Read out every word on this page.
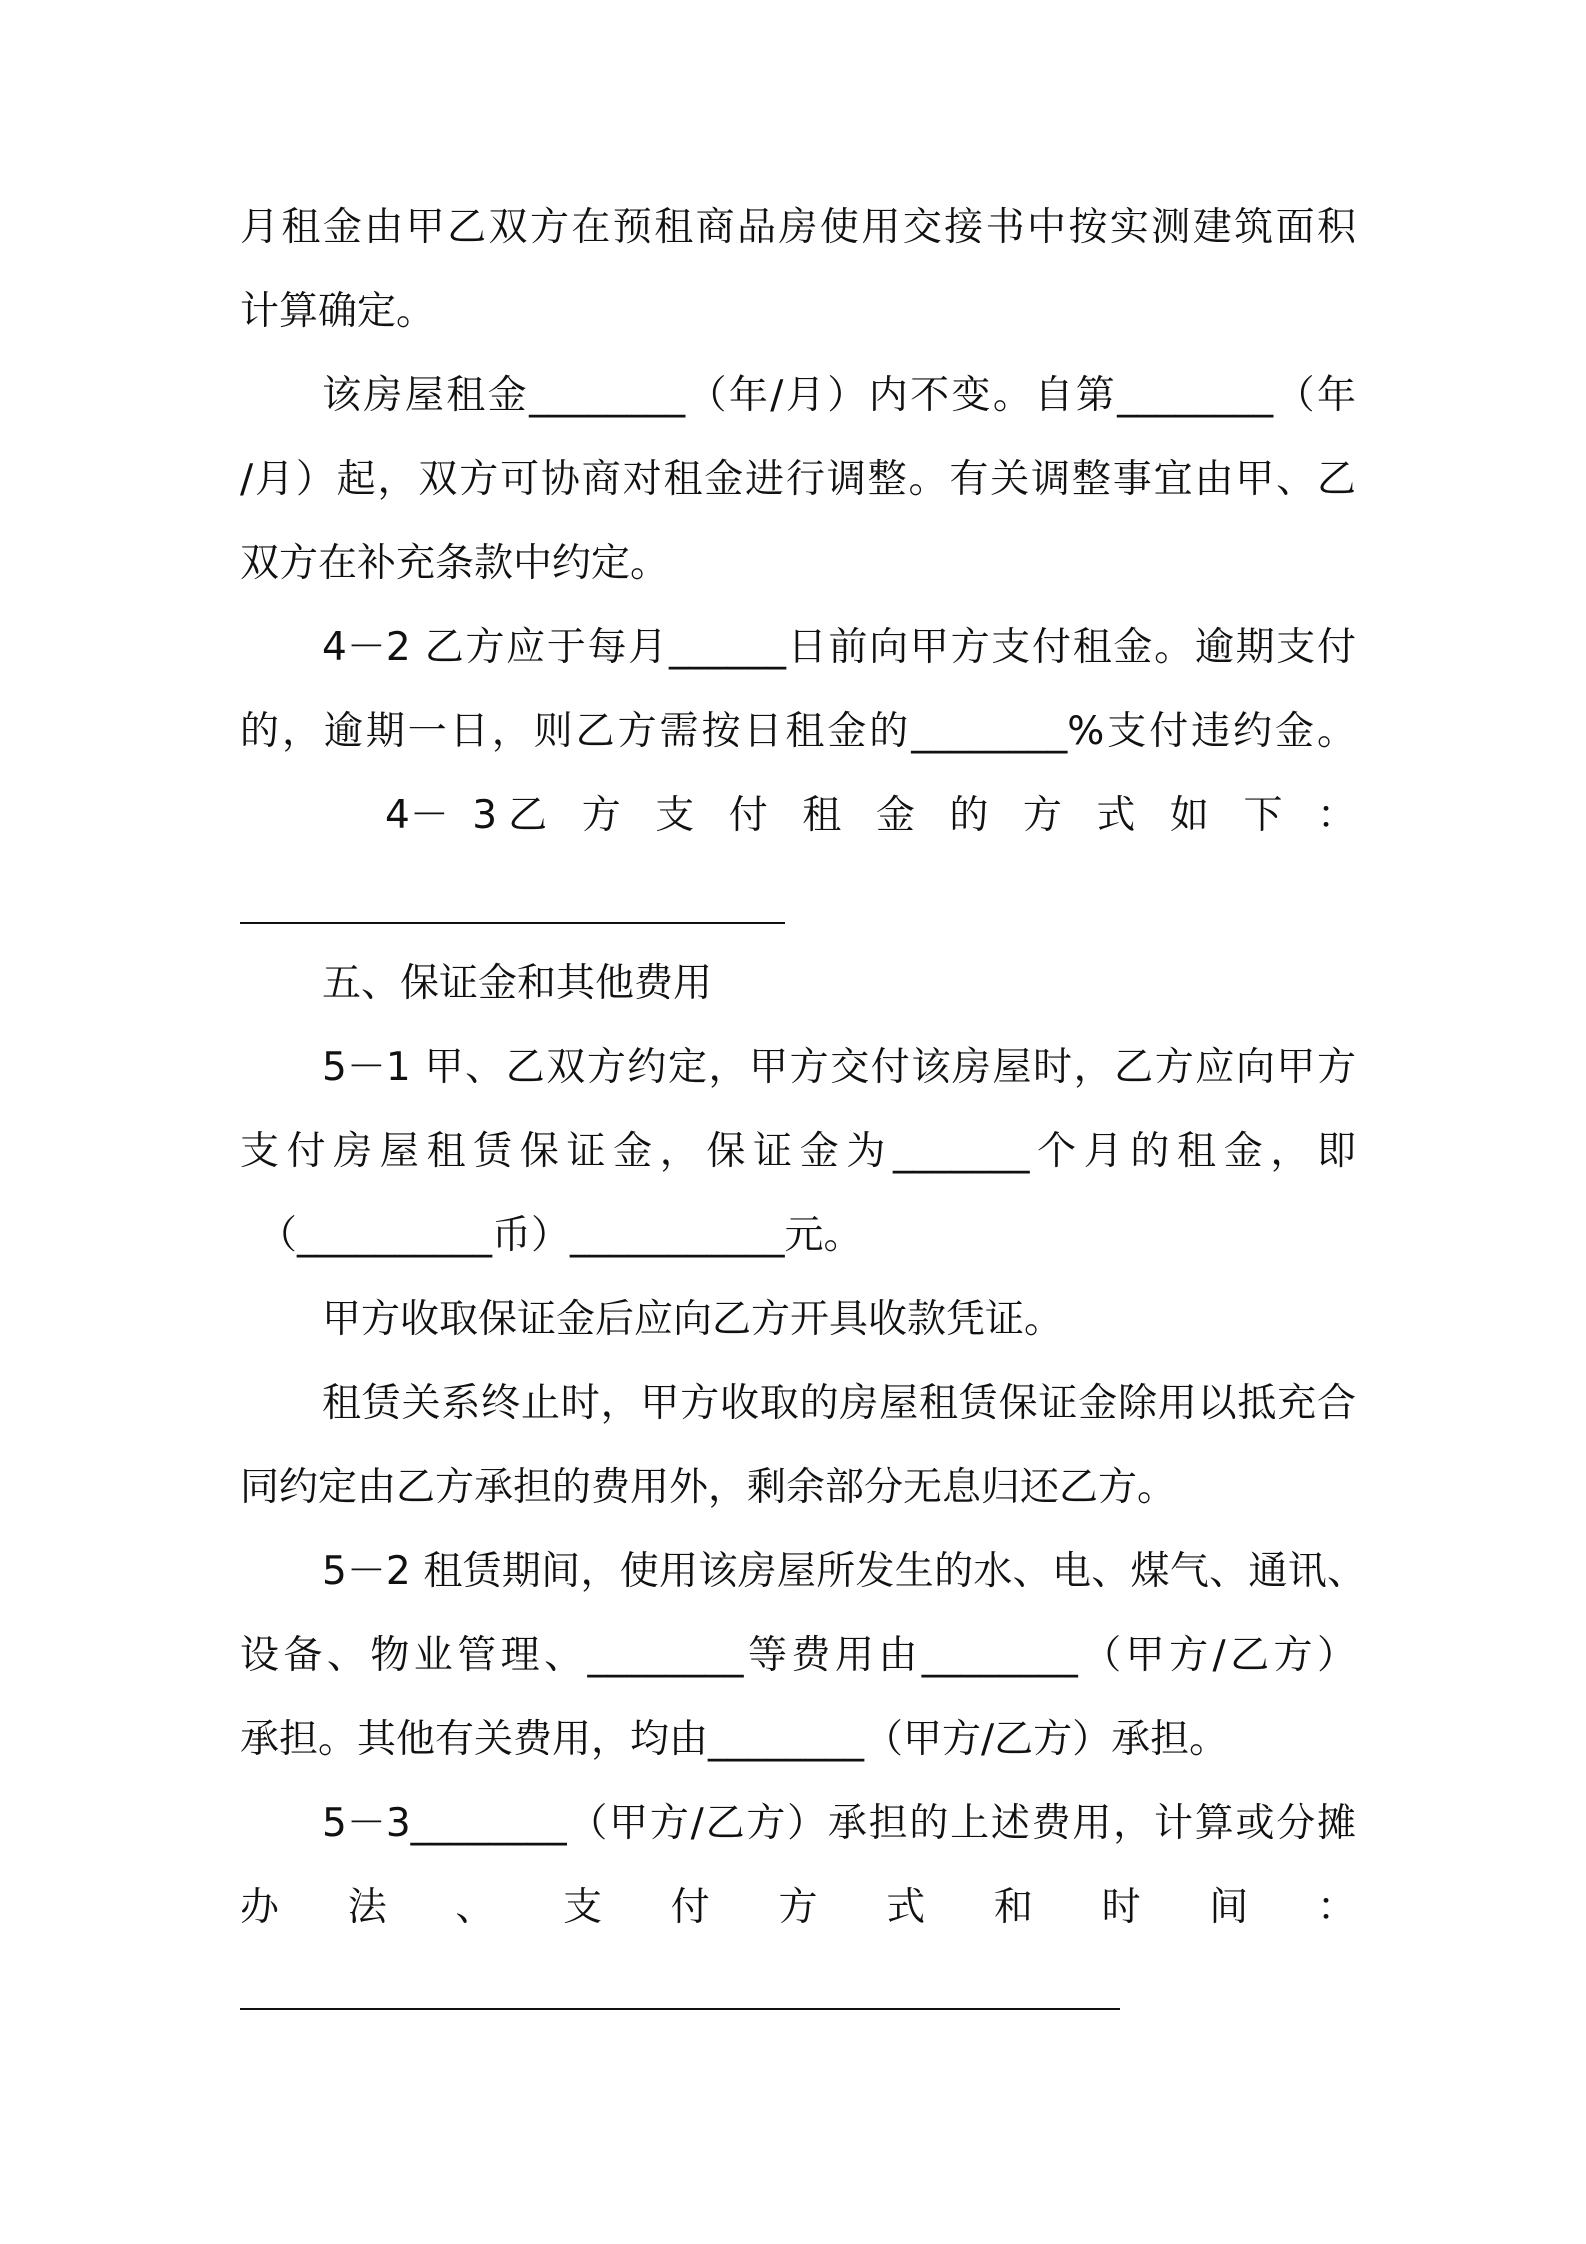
月租金由甲乙双方在预租商品房使用交接书中按实测建筑面积
计算确定。
该房屋租金________（年/月）内不变。自第________（年
/月）起，双方可协商对租金进行调整。有关调整事宜由甲、乙
双方在补充条款中约定。
4－2 乙方应于每月______日前向甲方支付租金。逾期支付
的，逾期一日，则乙方需按日租金的________%支付违约金。
4－ 3乙 方 支 付 租 金 的 方 式 如 下 ：
五、保证金和其他费用
5－1 甲、乙双方约定，甲方交付该房屋时，乙方应向甲方
支付房屋租赁保证金，保证金为_______个月的租金，即
（__________币）___________元。
甲方收取保证金后应向乙方开具收款凭证。
租赁关系终止时，甲方收取的房屋租赁保证金除用以抵充合
同约定由乙方承担的费用外，剩余部分无息归还乙方。
5－2 租赁期间，使用该房屋所发生的水、电、煤气、通讯、
设备、物业管理、________等费用由________（甲方/乙方）
承担。其他有关费用，均由________（甲方/乙方）承担。
5－3________（甲方/乙方）承担的上述费用，计算或分摊
办 法 、 支 付 方 式 和 时 间 ：
